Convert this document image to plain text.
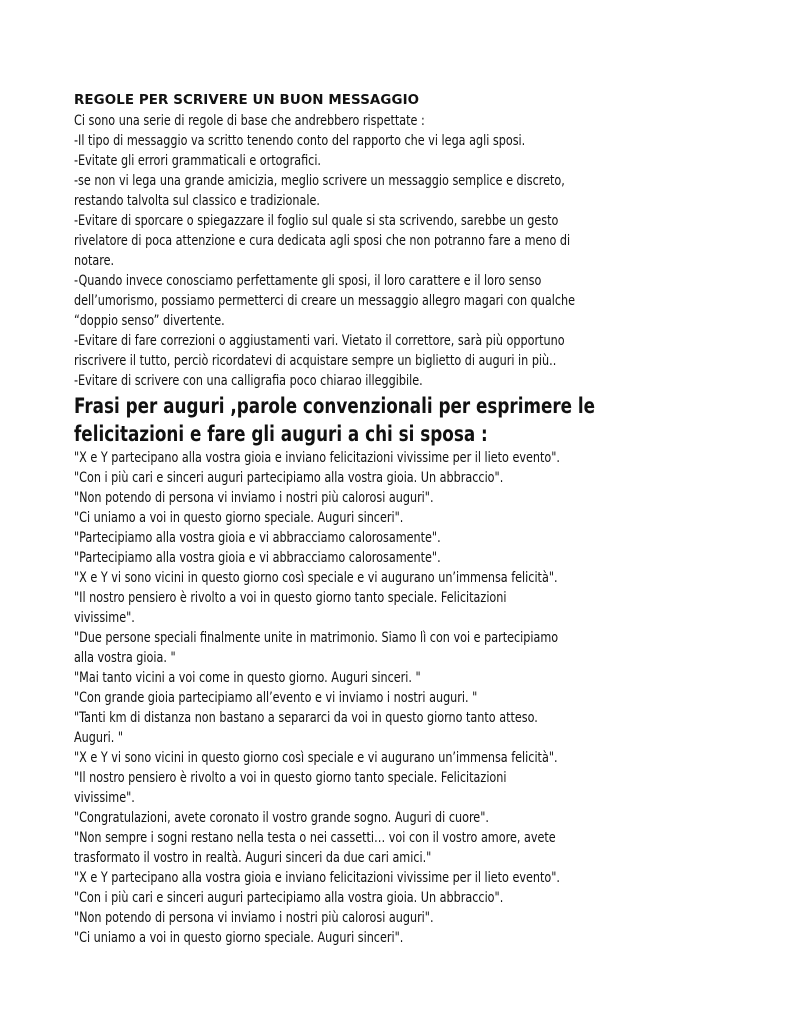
REGOLE PER SCRIVERE UN BUON MESSAGGIO

Ci sono una serie di regole di base che andrebbero rispettate :

-Il tipo di messaggio va scritto tenendo conto del rapporto che vi lega agli sposi.

-Evitate gli errori grammaticali e ortografici.

-se non vi lega una grande amicizia, meglio scrivere un messaggio semplice e discreto,

restando talvolta sul classico e tradizionale.

-Evitare di sporcare o spiegazzare il foglio sul quale si sta scrivendo, sarebbe un gesto

rivelatore di poca attenzione e cura dedicata agli sposi che non potranno fare a meno di

notare.

-Quando invece conosciamo perfettamente gli sposi, il loro carattere e il loro senso

dell’umorismo, possiamo permetterci di creare un messaggio allegro magari con qualche

“doppio senso” divertente.

-Evitare di fare correzioni o aggiustamenti vari. Vietato il correttore, sarà più opportuno

riscrivere il tutto, perciò ricordatevi di acquistare sempre un biglietto di auguri in più..

-Evitare di scrivere con una calligrafia poco chiarao illeggibile.

Frasi per auguri ,parole convenzionali per esprimere le
felicitazioni e fare gli auguri a chi si sposa :

"X e Y partecipano alla vostra gioia e inviano felicitazioni vivissime per il lieto evento".

"Con i più cari e sinceri auguri partecipiamo alla vostra gioia. Un abbraccio".

"Non potendo di persona vi inviamo i nostri più calorosi auguri".

"Ci uniamo a voi in questo giorno speciale. Auguri sinceri".

"Partecipiamo alla vostra gioia e vi abbracciamo calorosamente".

"Partecipiamo alla vostra gioia e vi abbracciamo calorosamente".

"X e Y vi sono vicini in questo giorno così speciale e vi augurano un’immensa felicità".

"Il nostro pensiero è rivolto a voi in questo giorno tanto speciale. Felicitazioni

vivissime".

"Due persone speciali finalmente unite in matrimonio. Siamo lì con voi e partecipiamo

alla vostra gioia. "

"Mai tanto vicini a voi come in questo giorno. Auguri sinceri. "

"Con grande gioia partecipiamo all’evento e vi inviamo i nostri auguri. "

"Tanti km di distanza non bastano a separarci da voi in questo giorno tanto atteso.

Auguri. "

"X e Y vi sono vicini in questo giorno così speciale e vi augurano un’immensa felicità".

"Il nostro pensiero è rivolto a voi in questo giorno tanto speciale. Felicitazioni

vivissime".

"Congratulazioni, avete coronato il vostro grande sogno. Auguri di cuore".

"Non sempre i sogni restano nella testa o nei cassetti… voi con il vostro amore, avete

trasformato il vostro in realtà. Auguri sinceri da due cari amici."

"X e Y partecipano alla vostra gioia e inviano felicitazioni vivissime per il lieto evento".

"Con i più cari e sinceri auguri partecipiamo alla vostra gioia. Un abbraccio".

"Non potendo di persona vi inviamo i nostri più calorosi auguri".

"Ci uniamo a voi in questo giorno speciale. Auguri sinceri".
